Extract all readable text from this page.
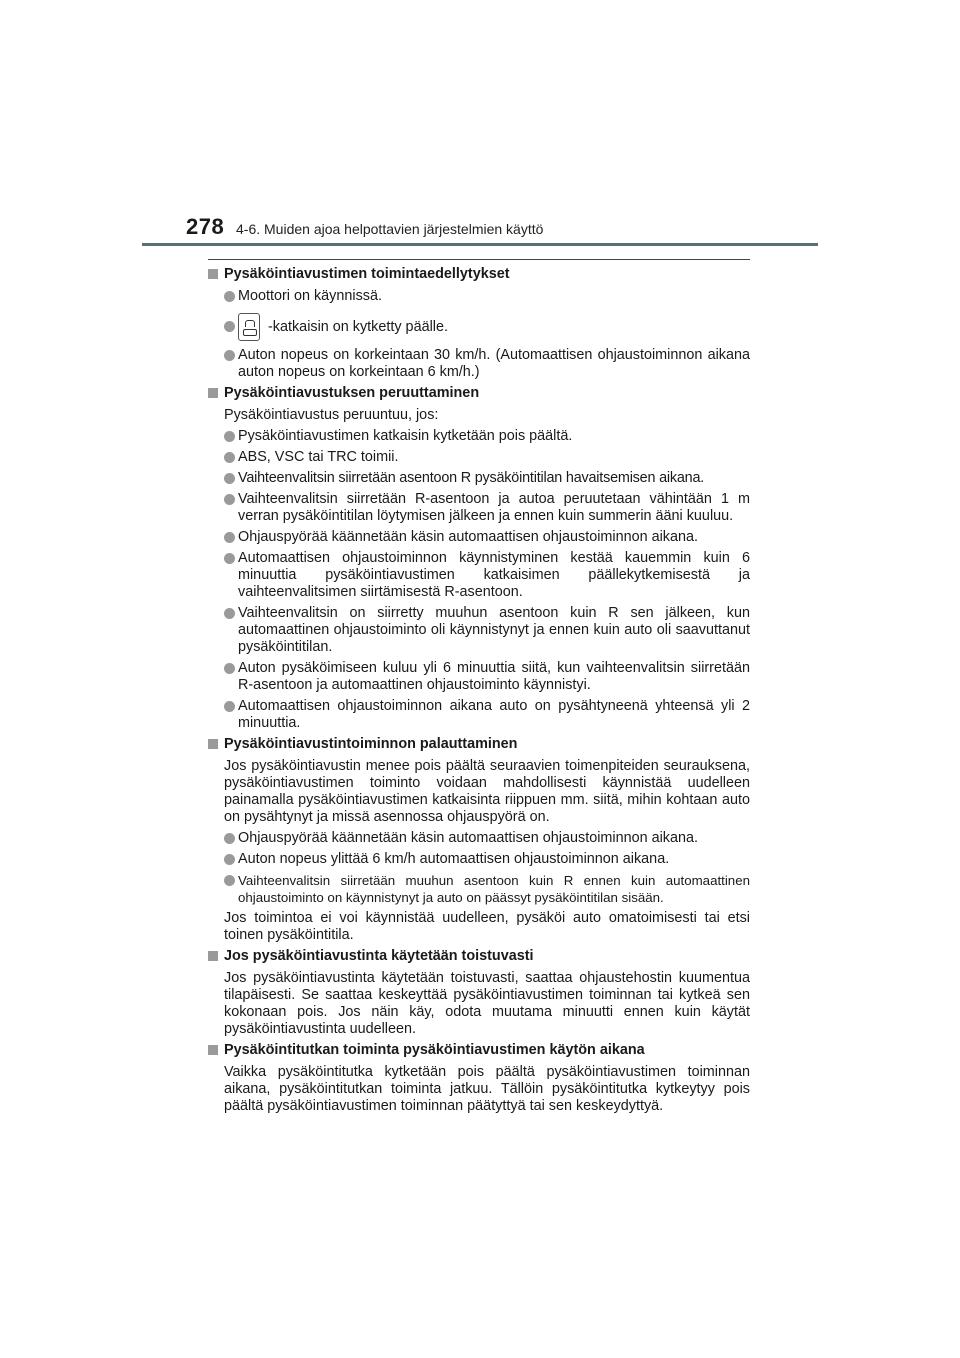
278 4-6. Muiden ajoa helpottavien järjestelmien käyttö
Pysäköintiavustimen toimintaedellytykset
Moottori on käynnissä.
-katkaisin on kytketty päälle.
Auton nopeus on korkeintaan 30 km/h. (Automaattisen ohjaustoiminnon aikana auton nopeus on korkeintaan 6 km/h.)
Pysäköintiavustuksen peruuttaminen
Pysäköintiavustus peruuntuu, jos:
Pysäköintiavustimen katkaisin kytketään pois päältä.
ABS, VSC tai TRC toimii.
Vaihteenvalitsin siirretään asentoon R pysäköintitilan havaitsemisen aikana.
Vaihteenvalitsin siirretään R-asentoon ja autoa peruutetaan vähintään 1 m verran pysäköintitilan löytymisen jälkeen ja ennen kuin summerin ääni kuuluu.
Ohjauspyörää käännetään käsin automaattisen ohjaustoiminnon aikana.
Automaattisen ohjaustoiminnon käynnistyminen kestää kauemmin kuin 6 minuuttia pysäköintiavustimen katkaisimen päällekytkemisestä ja vaihteenvalitsimen siirtämisestä R-asentoon.
Vaihteenvalitsin on siirretty muuhun asentoon kuin R sen jälkeen, kun automaattinen ohjaustoiminto oli käynnistynyt ja ennen kuin auto oli saavuttanut pysäköintitilan.
Auton pysäköimiseen kuluu yli 6 minuuttia siitä, kun vaihteenvalitsin siirretään R-asentoon ja automaattinen ohjaustoiminto käynnistyi.
Automaattisen ohjaustoiminnon aikana auto on pysähtyneenä yhteensä yli 2 minuuttia.
Pysäköintiavustintoiminnon palauttaminen
Jos pysäköintiavustin menee pois päältä seuraavien toimenpiteiden seurauksena, pysäköintiavustimen toiminto voidaan mahdollisesti käynnistää uudelleen painamalla pysäköintiavustimen katkaisinta riippuen mm. siitä, mihin kohtaan auto on pysähtynyt ja missä asennossa ohjauspyörä on.
Ohjauspyörää käännetään käsin automaattisen ohjaustoiminnon aikana.
Auton nopeus ylittää 6 km/h automaattisen ohjaustoiminnon aikana.
Vaihteenvalitsin siirretään muuhun asentoon kuin R ennen kuin automaattinen ohjaustoiminto on käynnistynyt ja auto on päässyt pysäköintitilan sisään.
Jos toimintoa ei voi käynnistää uudelleen, pysäköi auto omatoimisesti tai etsi toinen pysäköintitila.
Jos pysäköintiavustinta käytetään toistuvasti
Jos pysäköintiavustinta käytetään toistuvasti, saattaa ohjaustehostin kuumentua tilapäisesti. Se saattaa keskeyttää pysäköintiavustimen toiminnan tai kytkeä sen kokonaan pois. Jos näin käy, odota muutama minuutti ennen kuin käytät pysäköintiavustinta uudelleen.
Pysäköintitutkan toiminta pysäköintiavustimen käytön aikana
Vaikka pysäköintitutka kytketään pois päältä pysäköintiavustimen toiminnan aikana, pysäköintitutkan toiminta jatkuu. Tällöin pysäköintitutka kytkeytyy pois päältä pysäköintiavustimen toiminnan päätyttyä tai sen keskeydyttyä.
